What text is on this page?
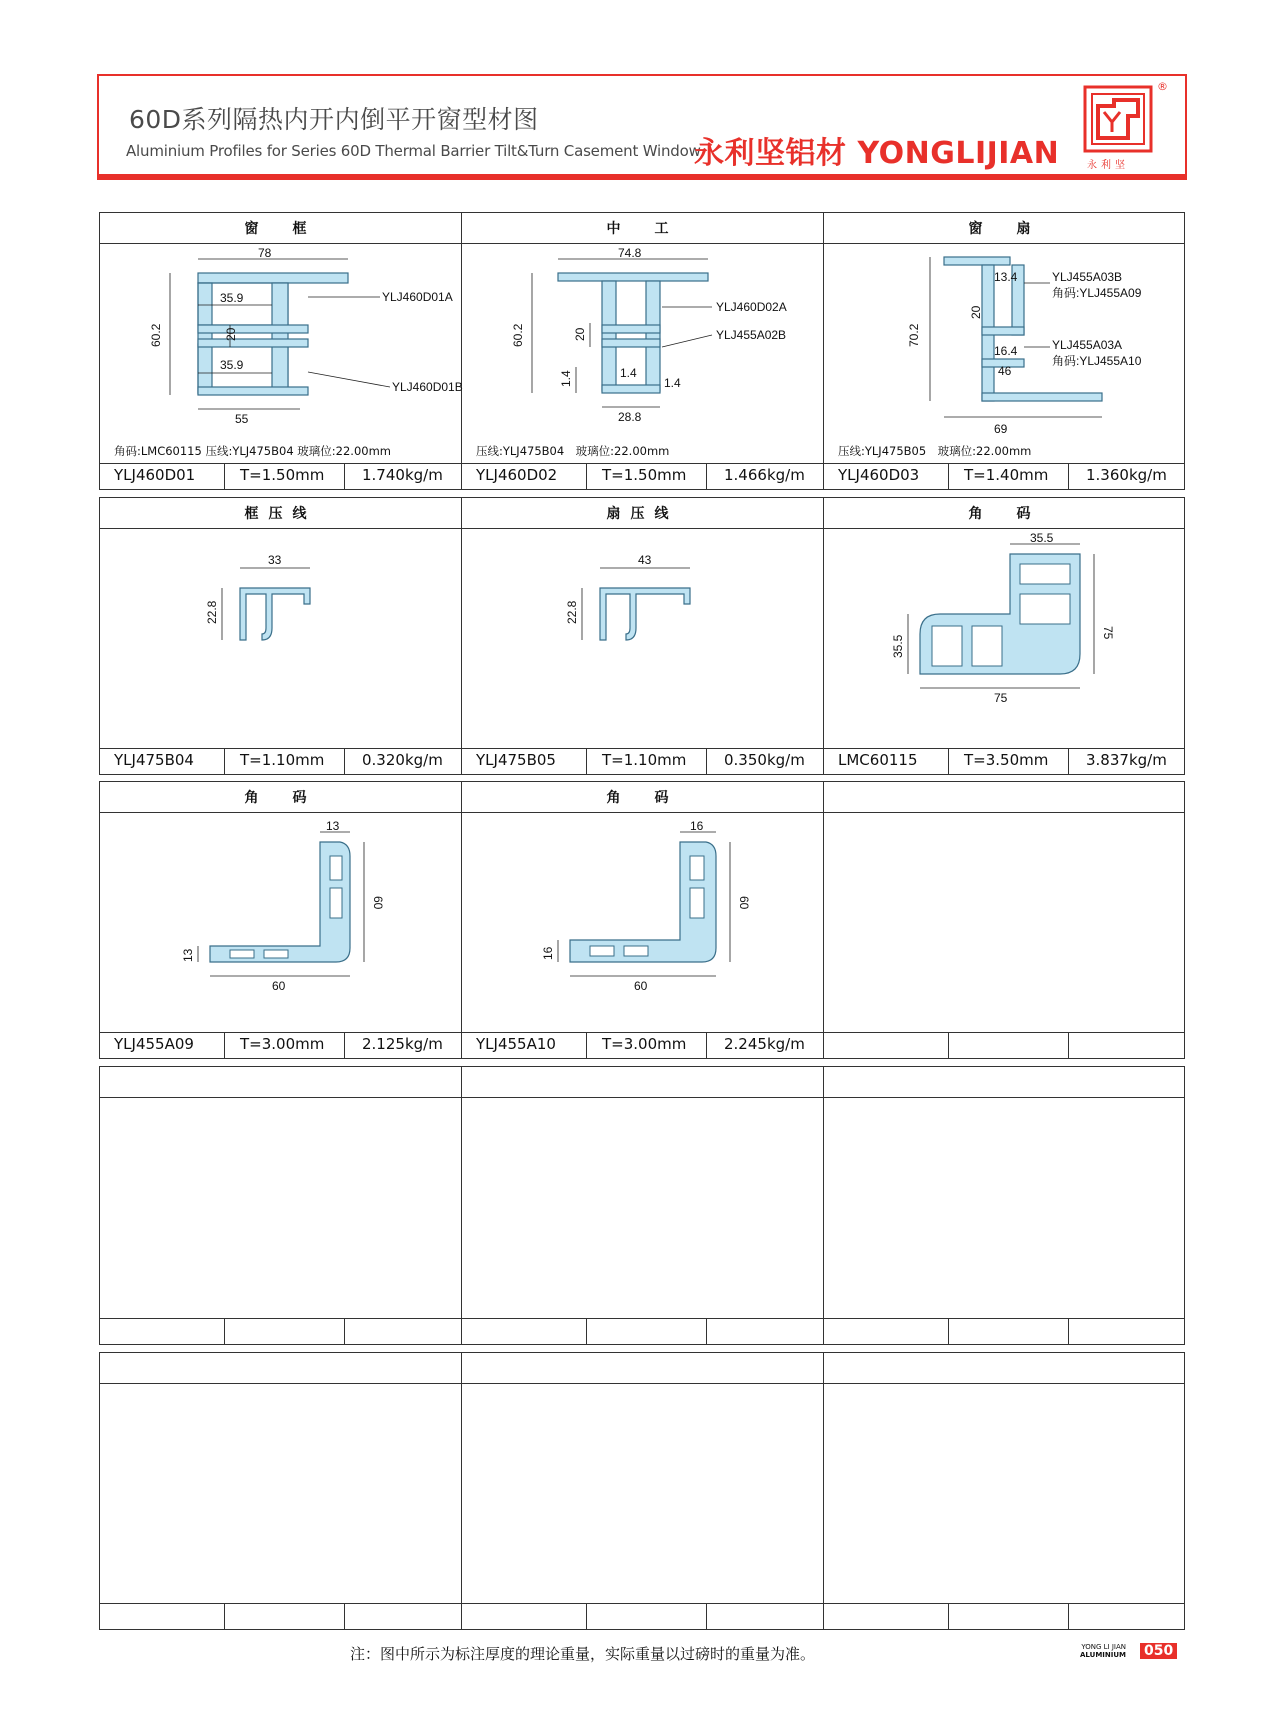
60D系列隔热内开内倒平开窗型材图
Aluminium Profiles for Series 60D Thermal Barrier Tilt&Turn Casement Window
永利坚铝材 YONGLIJIAN	永利坚
®
窗　框	中　工	窗　扇
78
35.9
60.2	20
35.9
55
YLJ460D01A
YLJ460D01B
74.8
60.2	20
1.4	1.4
1.4
28.8
YLJ460D02A
YLJ455A02B
13.4
70.2
20
16.4
46
69
YLJ455A03B
角码:YLJ455A09
YLJ455A03A
角码:YLJ455A10
角码:LMC60115 压线:YLJ475B04 玻璃位:22.00mm	压线:YLJ475B04　玻璃位:22.00mm	压线:YLJ475B05　玻璃位:22.00mm
YLJ460D01	T=1.50mm	1.740kg/m YLJ460D02	T=1.50mm	1.466kg/m YLJ460D03	T=1.40mm	1.360kg/m
框压线	扇压线	角　码
33
22.8
43
22.8
35.5
75
35.5
75
YLJ475B04	T=1.10mm	0.320kg/m YLJ475B05	T=1.10mm	0.350kg/m LMC60115	T=3.50mm	3.837kg/m
角　码	角　码
13
60
13
60
16
60
16
60
YLJ455A09	T=3.00mm	2.125kg/m YLJ455A10	T=3.00mm	2.245kg/m
注：图中所示为标注厚度的理论重量，实际重量以过磅时的重量为准。	YONG LI JIAN
ALUMINIUM 050
